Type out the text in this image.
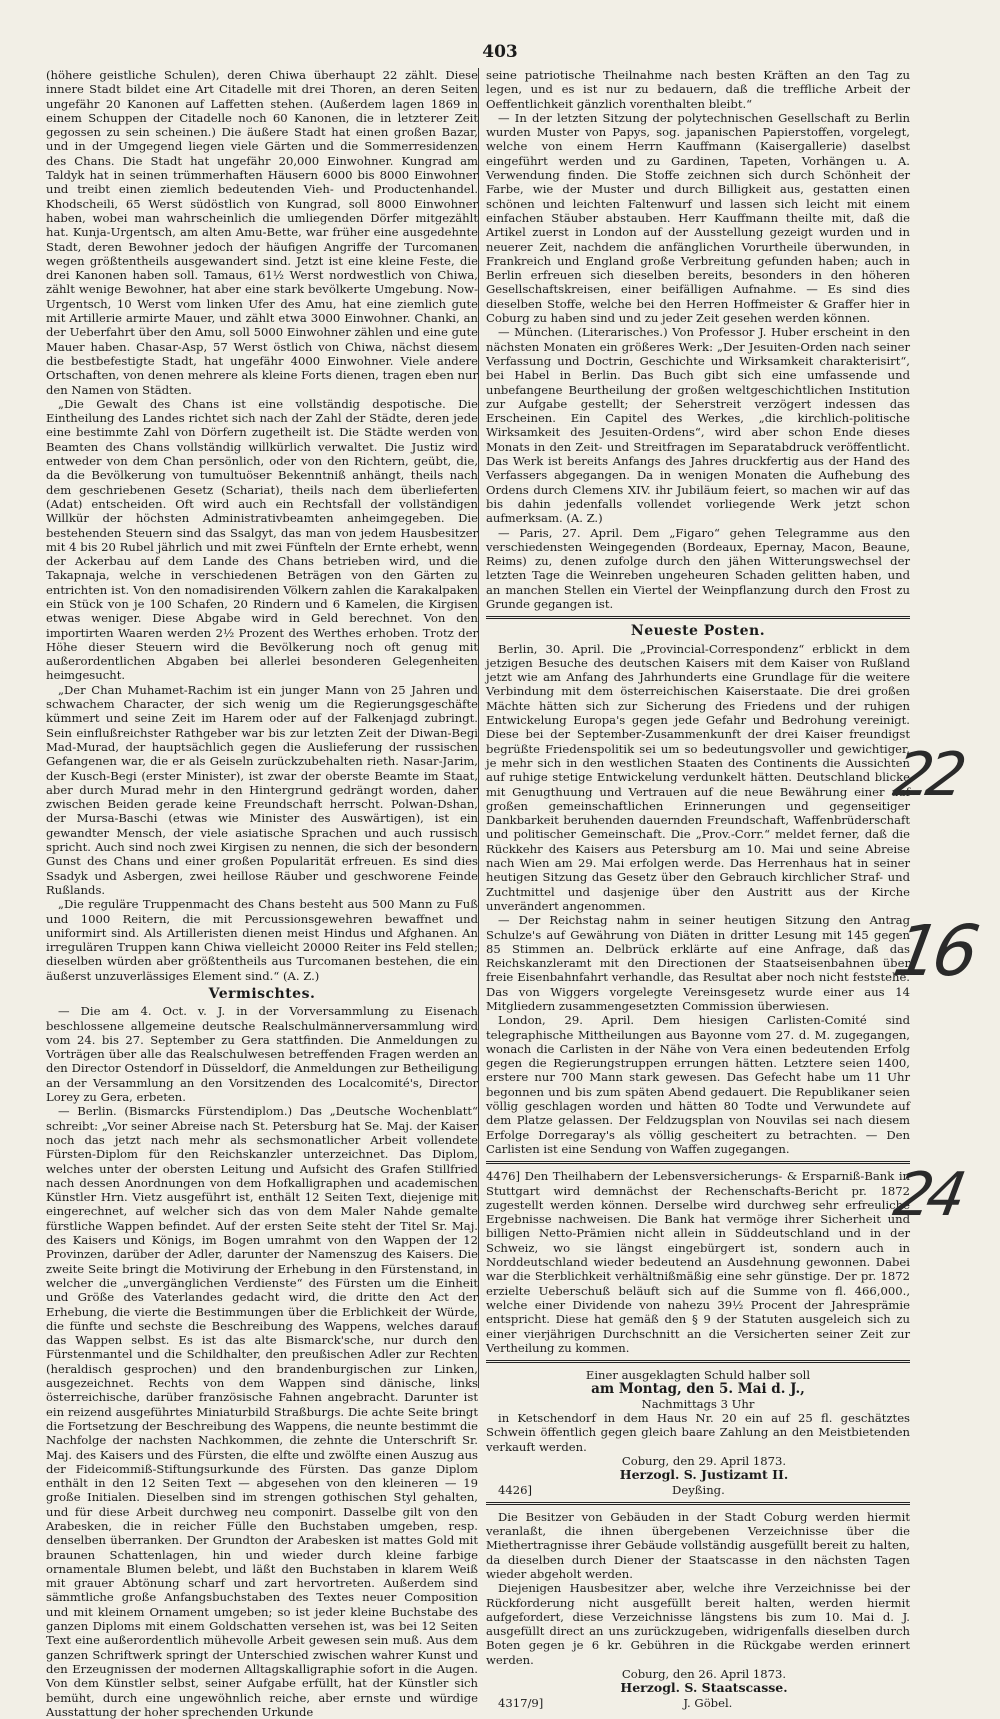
403

(höhere geistliche Schulen), deren Chiwa überhaupt 22 zählt. Diese innere Stadt bildet eine Art Citadelle mit drei Thoren, an deren Seiten ungefähr 20 Kanonen auf Laffetten stehen. (Außerdem lagen 1869 in einem Schuppen der Citadelle noch 60 Kanonen, die in letzterer Zeit gegossen zu sein scheinen.) Die äußere Stadt hat einen großen Bazar, und in der Umgegend liegen viele Gärten und die Sommerresidenzen des Chans. Die Stadt hat ungefähr 20,000 Einwohner. Kungrad am Taldyk hat in seinen trümmerhaften Häusern 6000 bis 8000 Einwohner und treibt einen ziemlich bedeutenden Vieh- und Productenhandel. Khodscheili, 65 Werst südöstlich von Kungrad, soll 8000 Einwohner haben, wobei man wahrscheinlich die umliegenden Dörfer mitgezählt hat. Kunja-Urgentsch, am alten Amu-Bette, war früher eine ausgedehnte Stadt, deren Bewohner jedoch der häufigen Angriffe der Turcomanen wegen größtentheils ausgewandert sind. Jetzt ist eine kleine Feste, die drei Kanonen haben soll. Tamaus, 61½ Werst nordwestlich von Chiwa, zählt wenige Bewohner, hat aber eine stark bevölkerte Umgebung. Now-Urgentsch, 10 Werst vom linken Ufer des Amu, hat eine ziemlich gute mit Artillerie armirte Mauer, und zählt etwa 3000 Einwohner. Chanki, an der Ueberfahrt über den Amu, soll 5000 Einwohner zählen und eine gute Mauer haben. Chasar-Asp, 57 Werst östlich von Chiwa, nächst diesem die bestbefestigte Stadt, hat ungefähr 4000 Einwohner. Viele andere Ortschaften, von denen mehrere als kleine Forts dienen, tragen eben nur den Namen von Städten.

„Die Gewalt des Chans ist eine vollständig despotische. Die Eintheilung des Landes richtet sich nach der Zahl der Städte, deren jede eine bestimmte Zahl von Dörfern zugetheilt ist. Die Städte werden von Beamten des Chans vollständig willkürlich verwaltet. Die Justiz wird entweder von dem Chan persönlich, oder von den Richtern, geübt, die, da die Bevölkerung von tumultuöser Bekenntniß anhängt, theils nach dem geschriebenen Gesetz (Schariat), theils nach dem überlieferten (Adat) entscheiden. Oft wird auch ein Rechtsfall der vollständigen Willkür der höchsten Administrativbeamten anheimgegeben. Die bestehenden Steuern sind das Ssalgyt, das man von jedem Hausbesitzer mit 4 bis 20 Rubel jährlich und mit zwei Fünfteln der Ernte erhebt, wenn der Ackerbau auf dem Lande des Chans betrieben wird, und die Takapnaja, welche in verschiedenen Beträgen von den Gärten zu entrichten ist. Von den nomadisirenden Völkern zahlen die Karakalpaken ein Stück von je 100 Schafen, 20 Rindern und 6 Kamelen, die Kirgisen etwas weniger. Diese Abgabe wird in Geld berechnet. Von den importirten Waaren werden 2½ Prozent des Werthes erhoben. Trotz der Höhe dieser Steuern wird die Bevölkerung noch oft genug mit außerordentlichen Abgaben bei allerlei besonderen Gelegenheiten heimgesucht.

„Der Chan Muhamet-Rachim ist ein junger Mann von 25 Jahren und schwachem Character, der sich wenig um die Regierungsgeschäfte kümmert und seine Zeit im Harem oder auf der Falkenjagd zubringt. Sein einflußreichster Rathgeber war bis zur letzten Zeit der Diwan-Begi Mad-Murad, der hauptsächlich gegen die Auslieferung der russischen Gefangenen war, die er als Geiseln zurückzubehalten rieth. Nasar-Jarim, der Kusch-Begi (erster Minister), ist zwar der oberste Beamte im Staat, aber durch Murad mehr in den Hintergrund gedrängt worden, daher zwischen Beiden gerade keine Freundschaft herrscht. Polwan-Dshan, der Mursa-Baschi (etwas wie Minister des Auswärtigen), ist ein gewandter Mensch, der viele asiatische Sprachen und auch russisch spricht. Auch sind noch zwei Kirgisen zu nennen, die sich der besondern Gunst des Chans und einer großen Popularität erfreuen. Es sind dies Ssadyk und Asbergen, zwei heillose Räuber und geschworene Feinde Rußlands.

„Die reguläre Truppenmacht des Chans besteht aus 500 Mann zu Fuß und 1000 Reitern, die mit Percussionsgewehren bewaffnet und uniformirt sind. Als Artilleristen dienen meist Hindus und Afghanen. An irregulären Truppen kann Chiwa vielleicht 20000 Reiter ins Feld stellen; dieselben würden aber größtentheils aus Turcomanen bestehen, die ein äußerst unzuverlässiges Element sind.“ (A. Z.)

Vermischtes.

— Die am 4. Oct. v. J. in der Vorversammlung zu Eisenach beschlossene allgemeine deutsche Realschulmännerversammlung wird vom 24. bis 27. September zu Gera stattfinden. Die Anmeldungen zu Vorträgen über alle das Realschulwesen betreffenden Fragen werden an den Director Ostendorf in Düsseldorf, die Anmeldungen zur Betheiligung an der Versammlung an den Vorsitzenden des Localcomité's, Director Lorey zu Gera, erbeten.

— Berlin. (Bismarcks Fürstendiplom.) Das „Deutsche Wochenblatt“ schreibt: „Vor seiner Abreise nach St. Petersburg hat Se. Maj. der Kaiser noch das jetzt nach mehr als sechsmonatlicher Arbeit vollendete Fürsten-Diplom für den Reichskanzler unterzeichnet. Das Diplom, welches unter der obersten Leitung und Aufsicht des Grafen Stillfried nach dessen Anordnungen von dem Hofkalligraphen und academischen Künstler Hrn. Vietz ausgeführt ist, enthält 12 Seiten Text, diejenige mit eingerechnet, auf welcher sich das von dem Maler Nahde gemalte fürstliche Wappen befindet. Auf der ersten Seite steht der Titel Sr. Maj. des Kaisers und Königs, im Bogen umrahmt von den Wappen der 12 Provinzen, darüber der Adler, darunter der Namenszug des Kaisers. Die zweite Seite bringt die Motivirung der Erhebung in den Fürstenstand, in welcher die „unvergänglichen Verdienste“ des Fürsten um die Einheit und Größe des Vaterlandes gedacht wird, die dritte den Act der Erhebung, die vierte die Bestimmungen über die Erblichkeit der Würde, die fünfte und sechste die Beschreibung des Wappens, welches darauf das Wappen selbst. Es ist das alte Bismarck'sche, nur durch den Fürstenmantel und die Schildhalter, den preußischen Adler zur Rechten (heraldisch gesprochen) und den brandenburgischen zur Linken, ausgezeichnet. Rechts von dem Wappen sind dänische, links österreichische, darüber französische Fahnen angebracht. Darunter ist ein reizend ausgeführtes Miniaturbild Straßburgs. Die achte Seite bringt die Fortsetzung der Beschreibung des Wappens, die neunte bestimmt die Nachfolge der nachsten Nachkommen, die zehnte die Unterschrift Sr. Maj. des Kaisers und des Fürsten, die elfte und zwölfte einen Auszug aus der Fideicommiß-Stiftungsurkunde des Fürsten. Das ganze Diplom enthält in den 12 Seiten Text — abgesehen von den kleineren — 19 große Initialen. Dieselben sind im strengen gothischen Styl gehalten, und für diese Arbeit durchweg neu componirt. Dasselbe gilt von den Arabesken, die in reicher Fülle den Buchstaben umgeben, resp. denselben überranken. Der Grundton der Arabesken ist mattes Gold mit braunen Schattenlagen, hin und wieder durch kleine farbige ornamentale Blumen belebt, und läßt den Buchstaben in klarem Weiß mit grauer Abtönung scharf und zart hervortreten. Außerdem sind sämmtliche große Anfangsbuchstaben des Textes neuer Composition und mit kleinem Ornament umgeben; so ist jeder kleine Buchstabe des ganzen Diploms mit einem Goldschatten versehen ist, was bei 12 Seiten Text eine außerordentlich mühevolle Arbeit gewesen sein muß. Aus dem ganzen Schriftwerk springt der Unterschied zwischen wahrer Kunst und den Erzeugnissen der modernen Alltagskalligraphie sofort in die Augen. Von dem Künstler selbst, seiner Aufgabe erfüllt, hat der Künstler sich bemüht, durch eine ungewöhnlich reiche, aber ernste und würdige Ausstattung der hoher sprechenden Urkunde

seine patriotische Theilnahme nach besten Kräften an den Tag zu legen, und es ist nur zu bedauern, daß die treffliche Arbeit der Oeffentlichkeit gänzlich vorenthalten bleibt.“

— In der letzten Sitzung der polytechnischen Gesellschaft zu Berlin wurden Muster von Papys, sog. japanischen Papierstoffen, vorgelegt, welche von einem Herrn Kauffmann (Kaisergallerie) daselbst eingeführt werden und zu Gardinen, Tapeten, Vorhängen u. A. Verwendung finden. Die Stoffe zeichnen sich durch Schönheit der Farbe, wie der Muster und durch Billigkeit aus, gestatten einen schönen und leichten Faltenwurf und lassen sich leicht mit einem einfachen Stäuber abstauben. Herr Kauffmann theilte mit, daß die Artikel zuerst in London auf der Ausstellung gezeigt wurden und in neuerer Zeit, nachdem die anfänglichen Vorurtheile überwunden, in Frankreich und England große Verbreitung gefunden haben; auch in Berlin erfreuen sich dieselben bereits, besonders in den höheren Gesellschaftskreisen, einer beifälligen Aufnahme. — Es sind dies dieselben Stoffe, welche bei den Herren Hoffmeister & Graffer hier in Coburg zu haben sind und zu jeder Zeit gesehen werden können.

— München. (Literarisches.) Von Professor J. Huber erscheint in den nächsten Monaten ein größeres Werk: „Der Jesuiten-Orden nach seiner Verfassung und Doctrin, Geschichte und Wirksamkeit charakterisirt“, bei Habel in Berlin. Das Buch gibt sich eine umfassende und unbefangene Beurtheilung der großen weltgeschichtlichen Institution zur Aufgabe gestellt; der Seherstreit verzögert indessen das Erscheinen. Ein Capitel des Werkes, „die kirchlich-politische Wirksamkeit des Jesuiten-Ordens“, wird aber schon Ende dieses Monats in den Zeit- und Streitfragen im Separatabdruck veröffentlicht. Das Werk ist bereits Anfangs des Jahres druckfertig aus der Hand des Verfassers abgegangen. Da in wenigen Monaten die Aufhebung des Ordens durch Clemens XIV. ihr Jubiläum feiert, so machen wir auf das bis dahin jedenfalls vollendet vorliegende Werk jetzt schon aufmerksam. (A. Z.)

— Paris, 27. April. Dem „Figaro“ gehen Telegramme aus den verschiedensten Weingegenden (Bordeaux, Epernay, Macon, Beaune, Reims) zu, denen zufolge durch den jähen Witterungswechsel der letzten Tage die Weinreben ungeheuren Schaden gelitten haben, und an manchen Stellen ein Viertel der Weinpflanzung durch den Frost zu Grunde gegangen ist.

Neueste Posten.

Berlin, 30. April. Die „Provincial-Correspondenz“ erblickt in dem jetzigen Besuche des deutschen Kaisers mit dem Kaiser von Rußland jetzt wie am Anfang des Jahrhunderts eine Grundlage für die weitere Verbindung mit dem österreichischen Kaiserstaate. Die drei großen Mächte hätten sich zur Sicherung des Friedens und der ruhigen Entwickelung Europa's gegen jede Gefahr und Bedrohung vereinigt. Diese bei der September-Zusammenkunft der drei Kaiser freundigst begrüßte Friedenspolitik sei um so bedeutungsvoller und gewichtiger, je mehr sich in den westlichen Staaten des Continents die Aussichten auf ruhige stetige Entwickelung verdunkelt hätten. Deutschland blicke mit Genugthuung und Vertrauen auf die neue Bewährung einer auf großen gemeinschaftlichen Erinnerungen und gegenseitiger Dankbarkeit beruhenden dauernden Freundschaft, Waffenbrüderschaft und politischer Gemeinschaft. Die „Prov.-Corr.“ meldet ferner, daß die Rückkehr des Kaisers aus Petersburg am 10. Mai und seine Abreise nach Wien am 29. Mai erfolgen werde. Das Herrenhaus hat in seiner heutigen Sitzung das Gesetz über den Gebrauch kirchlicher Straf- und Zuchtmittel und dasjenige über den Austritt aus der Kirche unverändert angenommen.

— Der Reichstag nahm in seiner heutigen Sitzung den Antrag Schulze's auf Gewährung von Diäten in dritter Lesung mit 145 gegen 85 Stimmen an. Delbrück erklärte auf eine Anfrage, daß das Reichskanzleramt mit den Directionen der Staatseisenbahnen über freie Eisenbahnfahrt verhandle, das Resultat aber noch nicht feststehe. Das von Wiggers vorgelegte Vereinsgesetz wurde einer aus 14 Mitgliedern zusammengesetzten Commission überwiesen.

London, 29. April. Dem hiesigen Carlisten-Comité sind telegraphische Mittheilungen aus Bayonne vom 27. d. M. zugegangen, wonach die Carlisten in der Nähe von Vera einen bedeutenden Erfolg gegen die Regierungstruppen errungen hätten. Letztere seien 1400, erstere nur 700 Mann stark gewesen. Das Gefecht habe um 11 Uhr begonnen und bis zum späten Abend gedauert. Die Republikaner seien völlig geschlagen worden und hätten 80 Todte und Verwundete auf dem Platze gelassen. Der Feldzugsplan von Nouvilas sei nach diesem Erfolge Dorregaray's als völlig gescheitert zu betrachten. — Den Carlisten ist eine Sendung von Waffen zugegangen.

4476] Den Theilhabern der Lebensversicherungs- & Ersparniß-Bank in Stuttgart wird demnächst der Rechenschafts-Bericht pr. 1872 zugestellt werden können. Derselbe wird durchweg sehr erfreuliche Ergebnisse nachweisen. Die Bank hat vermöge ihrer Sicherheit und billigen Netto-Prämien nicht allein in Süddeutschland und in der Schweiz, wo sie längst eingebürgert ist, sondern auch in Norddeutschland wieder bedeutend an Ausdehnung gewonnen. Dabei war die Sterblichkeit verhältnißmäßig eine sehr günstige. Der pr. 1872 erzielte Ueberschuß beläuft sich auf die Summe von fl. 466,000., welche einer Dividende von nahezu 39½ Procent der Jahresprämie entspricht. Diese hat gemäß den § 9 der Statuten ausgeleich sich zu einer vierjährigen Durchschnitt an die Versicherten seiner Zeit zur Vertheilung zu kommen.

Einer ausgeklagten Schuld halber soll

am Montag, den 5. Mai d. J.,

Nachmittags 3 Uhr

in Ketschendorf in dem Haus Nr. 20 ein auf 25 fl. geschätztes Schwein öffentlich gegen gleich baare Zahlung an den Meistbietenden verkauft werden.

Coburg, den 29. April 1873.

Herzogl. S. Justizamt II.

4426]	Deyßing.

Die Besitzer von Gebäuden in der Stadt Coburg werden hiermit veranlaßt, die ihnen übergebenen Verzeichnisse über die Miethertragnisse ihrer Gebäude vollständig ausgefüllt bereit zu halten, da dieselben durch Diener der Staatscasse in den nächsten Tagen wieder abgeholt werden.

Diejenigen Hausbesitzer aber, welche ihre Verzeichnisse bei der Rückforderung nicht ausgefüllt bereit halten, werden hiermit aufgefordert, diese Verzeichnisse längstens bis zum 10. Mai d. J. ausgefüllt direct an uns zurückzugeben, widrigenfalls dieselben durch Boten gegen je 6 kr. Gebühren in die Rückgabe werden erinnert werden.

Coburg, den 26. April 1873.

Herzogl. S. Staatscasse.

4317/9]	J. Göbel.

22
16
24
